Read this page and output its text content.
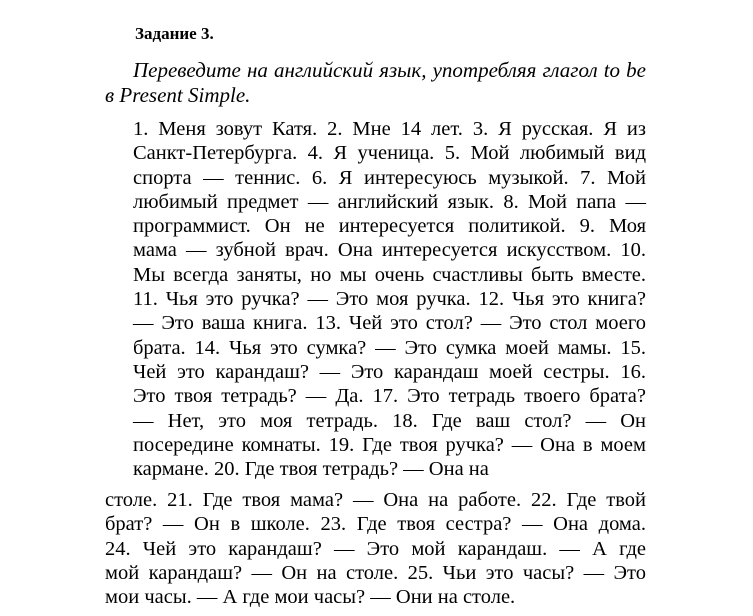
Задание 3.

Переведите на английский язык, употребляя глагол to be в Present Simple.

1. Меня зовут Катя. 2. Мне 14 лет. 3. Я русская. Я из
Санкт-Петербурга. 4. Я ученица. 5. Мой любимый вид
спорта — теннис. 6. Я интересуюсь музыкой. 7. Мой
любимый предмет — английский язык. 8. Мой папа —
программист. Он не интересуется политикой. 9. Моя
мама — зубной врач. Она интересуется искусством. 10.
Мы всегда заняты, но мы очень счастливы быть вместе.
11. Чья это ручка? — Это моя ручка. 12. Чья это книга?
— Это ваша книга. 13. Чей это стол? — Это стол моего
брата. 14. Чья это сумка? — Это сумка моей мамы. 15.
Чей это карандаш? — Это карандаш моей сестры. 16.
Это твоя тетрадь? — Да. 17. Это тетрадь твоего брата?
— Нет, это моя тетрадь. 18. Где ваш стол? — Он
посередине комнаты. 19. Где твоя ручка? — Она в моем
кармане. 20. Где твоя тетрадь? — Она на
столе. 21. Где твоя мама? — Она на работе. 22. Где твой
брат? — Он в школе. 23. Где твоя сестра? — Она дома.
24. Чей это карандаш? — Это мой карандаш. — А где
мой карандаш? — Он на столе. 25. Чьи это часы? — Это
мои часы. — А где мои часы? — Они на столе.
